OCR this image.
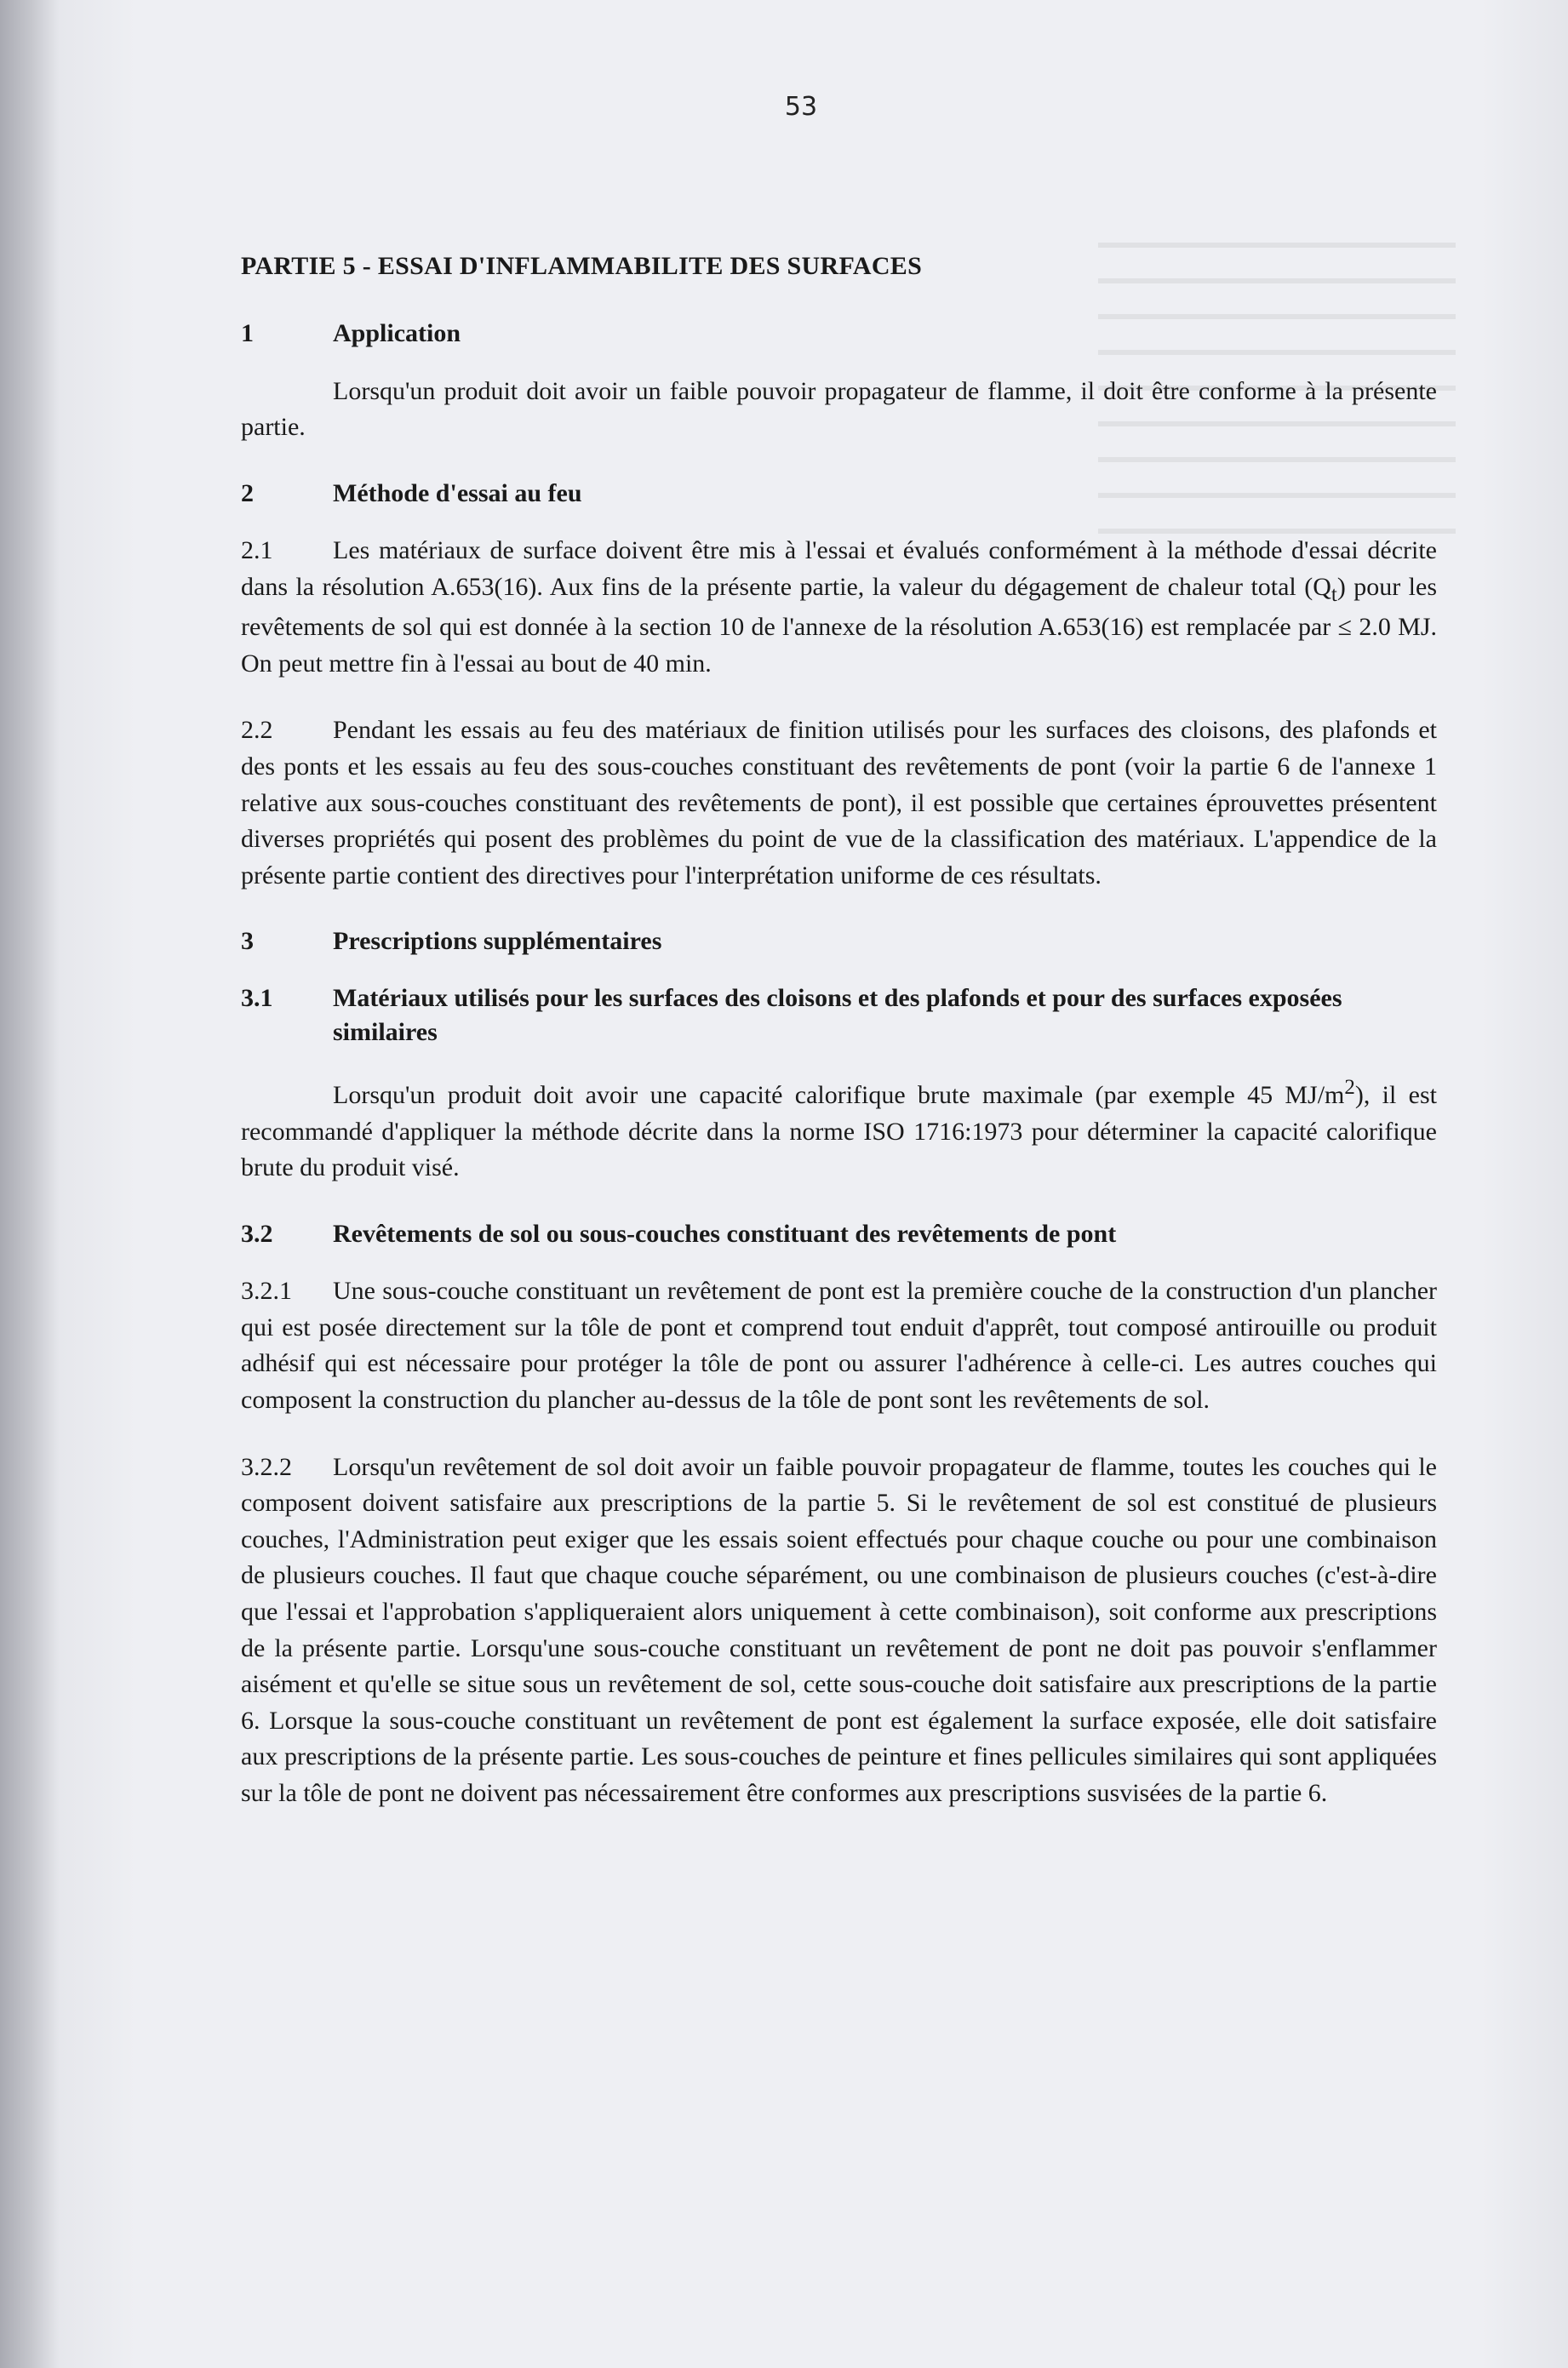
53
PARTIE 5 - ESSAI D'INFLAMMABILITE DES SURFACES
1	Application

Lorsqu'un produit doit avoir un faible pouvoir propagateur de flamme, il doit être conforme à la présente partie.

2	Méthode d'essai au feu

2.1 Les matériaux de surface doivent être mis à l'essai et évalués conformément à la méthode d'essai décrite dans la résolution A.653(16). Aux fins de la présente partie, la valeur du dégagement de chaleur total $(Q_t)$ pour les revêtements de sol qui est donnée à la section 10 de l'annexe de la résolution A.653(16) est remplacée par ≤ 2.0 MJ. On peut mettre fin à l'essai au bout de 40 min.

2.2 Pendant les essais au feu des matériaux de finition utilisés pour les surfaces des cloisons, des plafonds et des ponts et les essais au feu des sous-couches constituant des revêtements de pont (voir la partie 6 de l'annexe 1 relative aux sous-couches constituant des revêtements de pont), il est possible que certaines éprouvettes présentent diverses propriétés qui posent des problèmes du point de vue de la classification des matériaux. L'appendice de la présente partie contient des directives pour l'interprétation uniforme de ces résultats.

3	Prescriptions supplémentaires
3.1	Matériaux utilisés pour les surfaces des cloisons et des plafonds et pour des surfaces exposées similaires

Lorsqu'un produit doit avoir une capacité calorifique brute maximale (par exemple 45 $MJ/m^2$), il est recommandé d'appliquer la méthode décrite dans la norme ISO 1716:1973 pour déterminer la capacité calorifique brute du produit visé.

3.2	Revêtements de sol ou sous-couches constituant des revêtements de pont

3.2.1 Une sous-couche constituant un revêtement de pont est la première couche de la construction d'un plancher qui est posée directement sur la tôle de pont et comprend tout enduit d'apprêt, tout composé antirouille ou produit adhésif qui est nécessaire pour protéger la tôle de pont ou assurer l'adhérence à celle-ci. Les autres couches qui composent la construction du plancher au-dessus de la tôle de pont sont les revêtements de sol.

3.2.2 Lorsqu'un revêtement de sol doit avoir un faible pouvoir propagateur de flamme, toutes les couches qui le composent doivent satisfaire aux prescriptions de la partie 5. Si le revêtement de sol est constitué de plusieurs couches, l'Administration peut exiger que les essais soient effectués pour chaque couche ou pour une combinaison de plusieurs couches. Il faut que chaque couche séparément, ou une combinaison de plusieurs couches (c'est-à-dire que l'essai et l'approbation s'appliqueraient alors uniquement à cette combinaison), soit conforme aux prescriptions de la présente partie. Lorsqu'une sous-couche constituant un revêtement de pont ne doit pas pouvoir s'enflammer aisément et qu'elle se situe sous un revêtement de sol, cette sous-couche doit satisfaire aux prescriptions de la partie 6. Lorsque la sous-couche constituant un revêtement de pont est également la surface exposée, elle doit satisfaire aux prescriptions de la présente partie. Les sous-couches de peinture et fines pellicules similaires qui sont appliquées sur la tôle de pont ne doivent pas nécessairement être conformes aux prescriptions susvisées de la partie 6.
